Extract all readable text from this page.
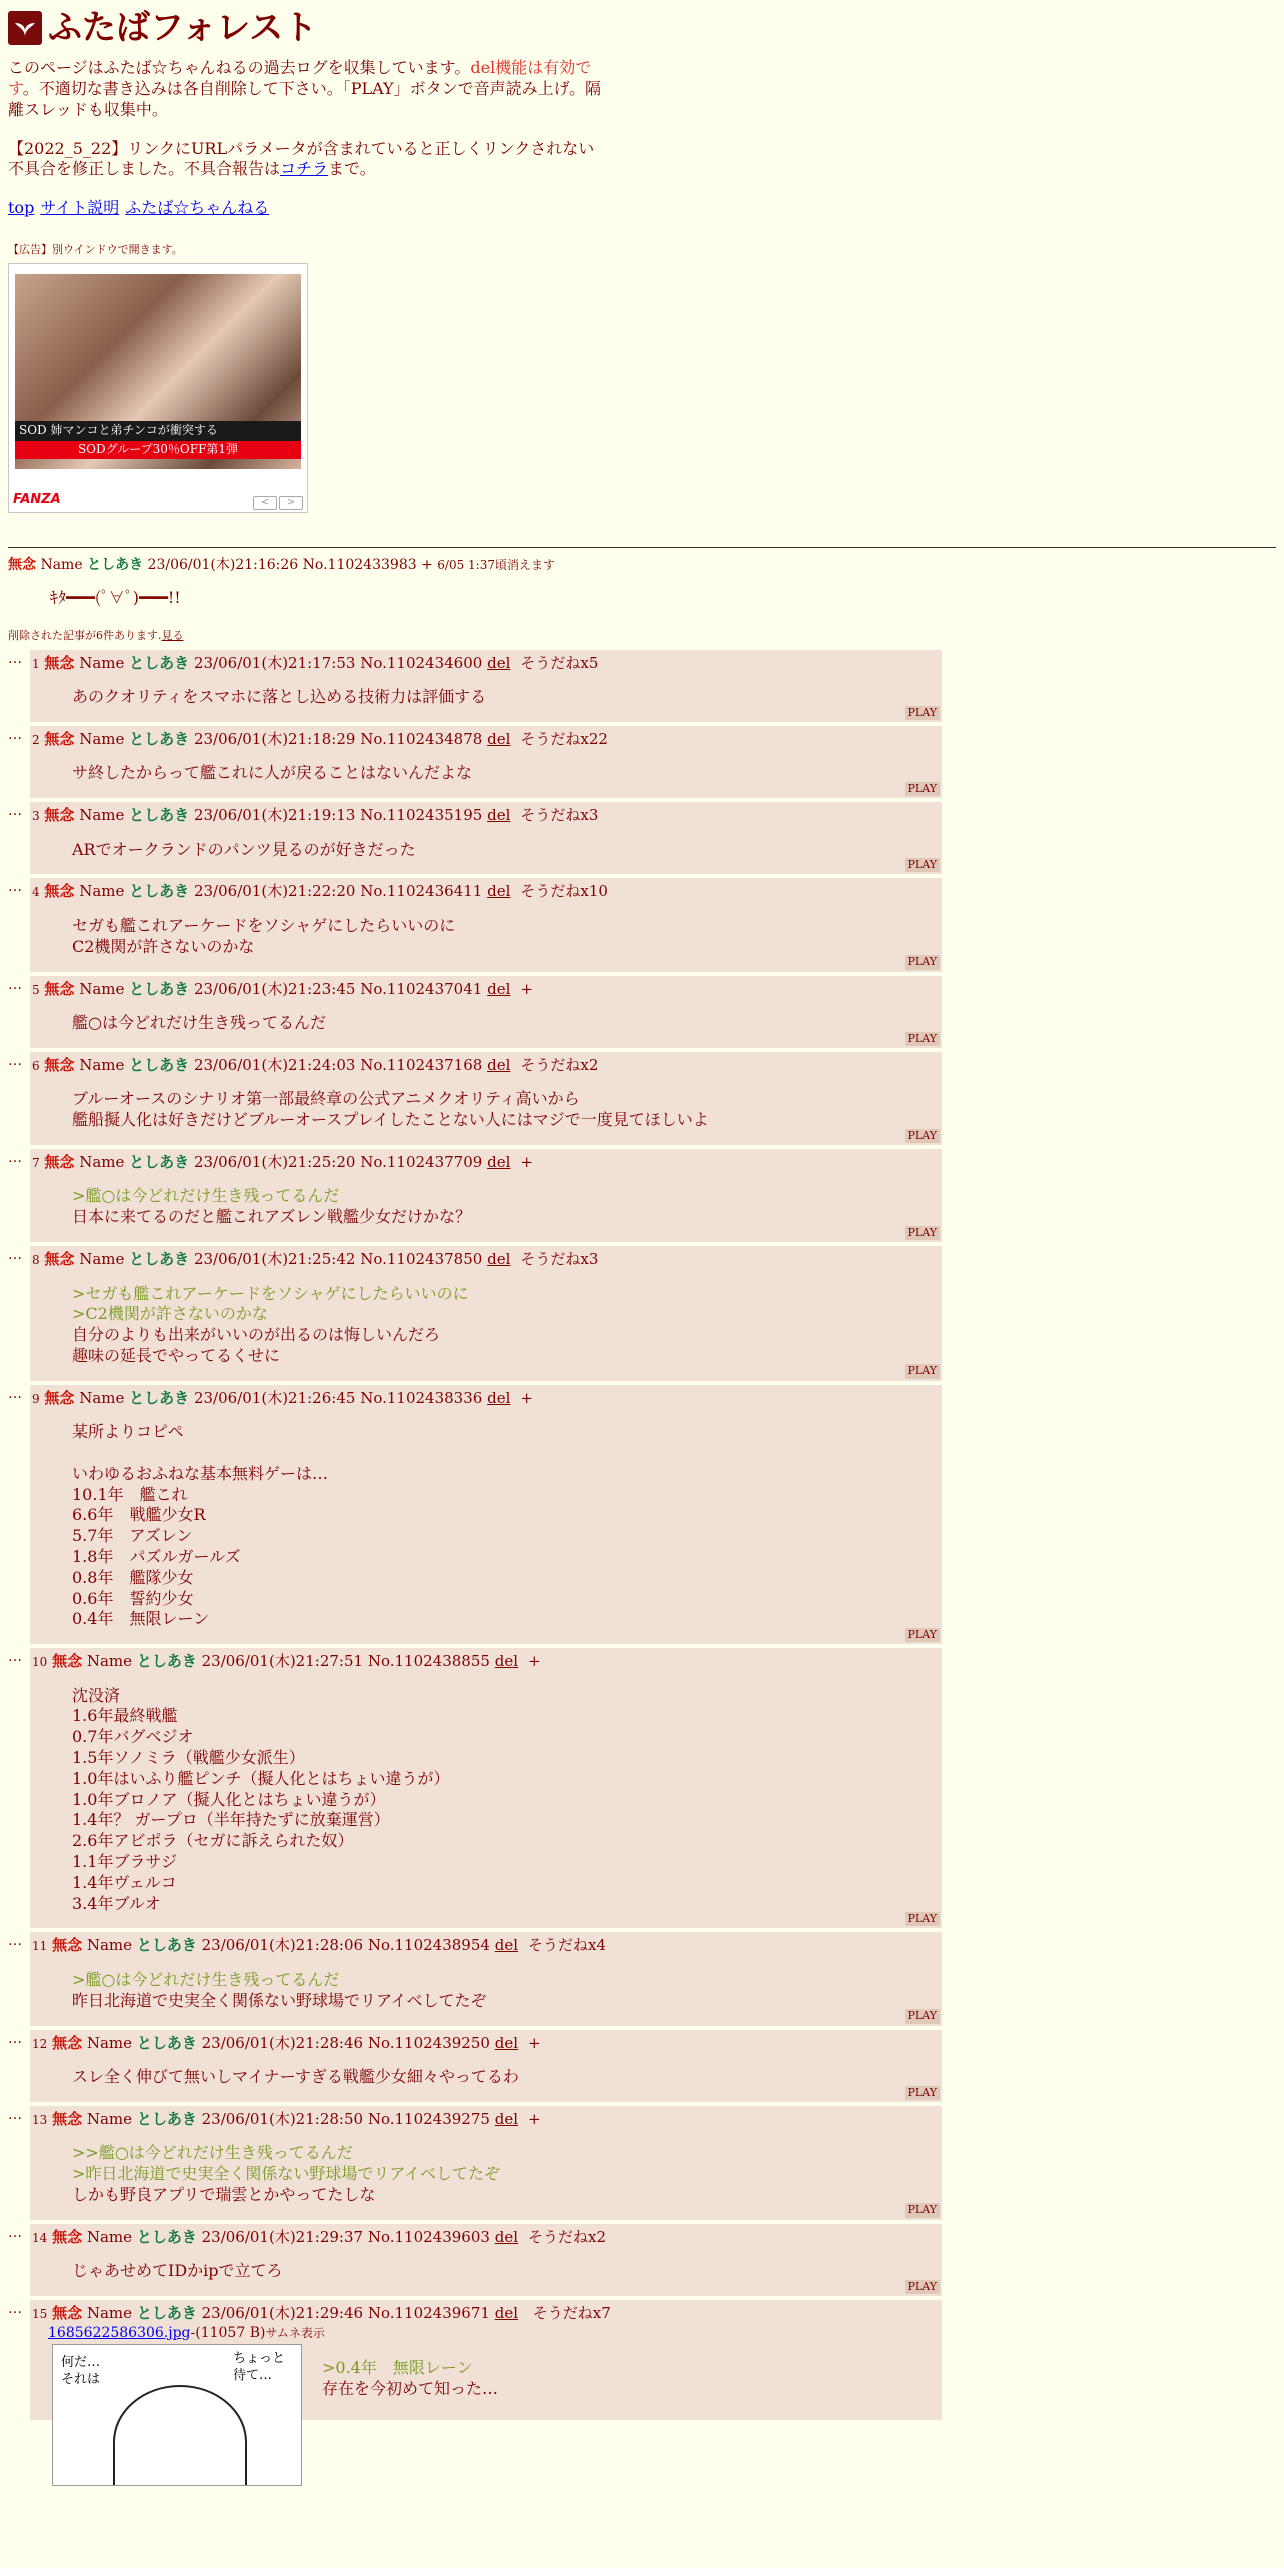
ふたばフォレスト

このページはふたば☆ちゃんねるの過去ログを収集しています。del機能は有効です。不適切な書き込みは各自削除して下さい。「PLAY」ボタンで音声読み上げ。隔離スレッドも収集中。

【2022_5_22】リンクにURLパラメータが含まれていると正しくリンクされない不具合を修正しました。不具合報告はコチラまで。

top サイト説明 ふたば☆ちゃんねる
【広告】別ウインドウで開きます。
SOD 姉マンコと弟チンコが衝突する
SODグループ30％OFF第1弾
FANZA	< >
無念 Name としあき 23/06/01(木)21:16:26 No.1102433983 + 6/05 1:37頃消えます
ｷﾀ━━━(ﾟ∀ﾟ)━━━!!
削除された記事が6件あります.見る
… 1 無念 Name としあき 23/06/01(木)21:17:53 No.1102434600 del そうだねx5
あのクオリティをスマホに落とし込める技術力は評価する
PLAY
… 2 無念 Name としあき 23/06/01(木)21:18:29 No.1102434878 del そうだねx22
サ終したからって艦これに人が戻ることはないんだよな
PLAY
… 3 無念 Name としあき 23/06/01(木)21:19:13 No.1102435195 del そうだねx3
ARでオークランドのパンツ見るのが好きだった
PLAY
… 4 無念 Name としあき 23/06/01(木)21:22:20 No.1102436411 del そうだねx10
セガも艦これアーケードをソシャゲにしたらいいのに
C2機関が許さないのかな
PLAY
… 5 無念 Name としあき 23/06/01(木)21:23:45 No.1102437041 del +
艦○は今どれだけ生き残ってるんだ
PLAY
… 6 無念 Name としあき 23/06/01(木)21:24:03 No.1102437168 del そうだねx2
ブルーオースのシナリオ第一部最終章の公式アニメクオリティ高いから
艦船擬人化は好きだけどブルーオースプレイしたことない人にはマジで一度見てほしいよ
PLAY
… 7 無念 Name としあき 23/06/01(木)21:25:20 No.1102437709 del +
>艦○は今どれだけ生き残ってるんだ
日本に来てるのだと艦これアズレン戦艦少女だけかな？
PLAY
… 8 無念 Name としあき 23/06/01(木)21:25:42 No.1102437850 del そうだねx3
>セガも艦これアーケードをソシャゲにしたらいいのに
>C2機関が許さないのかな
自分のよりも出来がいいのが出るのは悔しいんだろ
趣味の延長でやってるくせに
PLAY
… 9 無念 Name としあき 23/06/01(木)21:26:45 No.1102438336 del +
某所よりコピペ

いわゆるおふねな基本無料ゲーは…
10.1年　艦これ
6.6年　戦艦少女R
5.7年　アズレン
1.8年　パズルガールズ
0.8年　艦隊少女
0.6年　誓約少女
0.4年　無限レーン
PLAY
… 10 無念 Name としあき 23/06/01(木)21:27:51 No.1102438855 del +
沈没済
1.6年最終戦艦
0.7年バグベジオ
1.5年ソノミラ（戦艦少女派生）
1.0年はいふり艦ピンチ（擬人化とはちょい違うが）
1.0年ブロノア（擬人化とはちょい違うが）
1.4年？ ガープロ（半年持たずに放棄運営）
2.6年アビポラ（セガに訴えられた奴）
1.1年ブラサジ
1.4年ヴェルコ
3.4年ブルオ
PLAY
… 11 無念 Name としあき 23/06/01(木)21:28:06 No.1102438954 del そうだねx4
>艦○は今どれだけ生き残ってるんだ
昨日北海道で史実全く関係ない野球場でリアイベしてたぞ
PLAY
… 12 無念 Name としあき 23/06/01(木)21:28:46 No.1102439250 del +
スレ全く伸びて無いしマイナーすぎる戦艦少女細々やってるわ
PLAY
… 13 無念 Name としあき 23/06/01(木)21:28:50 No.1102439275 del +
>>艦○は今どれだけ生き残ってるんだ
>昨日北海道で史実全く関係ない野球場でリアイベしてたぞ
しかも野良アプリで瑞雲とかやってたしな
PLAY
… 14 無念 Name としあき 23/06/01(木)21:29:37 No.1102439603 del そうだねx2
じゃあせめてIDかipで立てろ
PLAY
… 15 無念 Name としあき 23/06/01(木)21:29:46 No.1102439671 del そうだねx7
1685622586306.jpg-(11057 B)サムネ表示
何だ…
それは
ちょっと
待て…	>0.4年　無限レーン
存在を今初めて知った…
